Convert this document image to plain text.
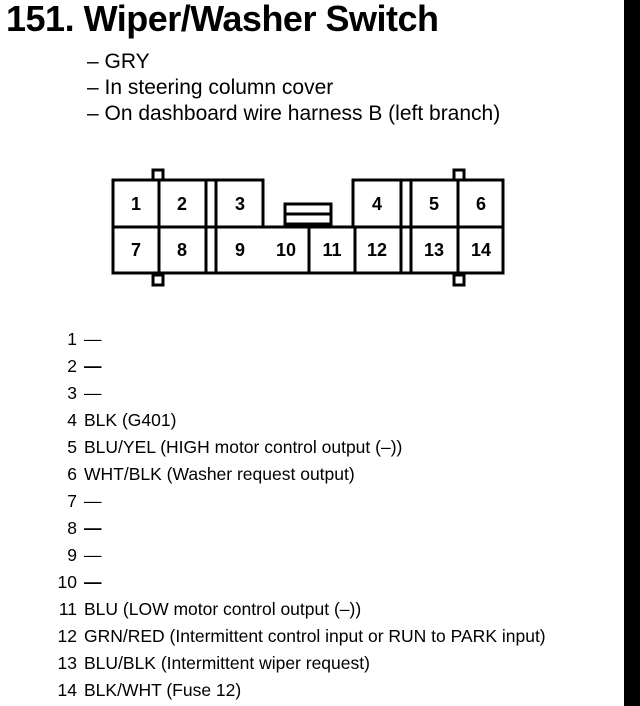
151. Wiper/Washer Switch
– GRY
– In steering column cover
– On dashboard wire harness B (left branch)
1 2	3	4	5 6
7 8	9 10 11 12 13 14
1 —
2 —
3 —
4 BLK (G401)
5 BLU/YEL (HIGH motor control output (–))
6 WHT/BLK (Washer request output)
7 —
8 —
9 —
10 —
11 BLU (LOW motor control output (–))
12 GRN/RED (Intermittent control input or RUN to PARK input)
13 BLU/BLK (Intermittent wiper request)
14 BLK/WHT (Fuse 12)
